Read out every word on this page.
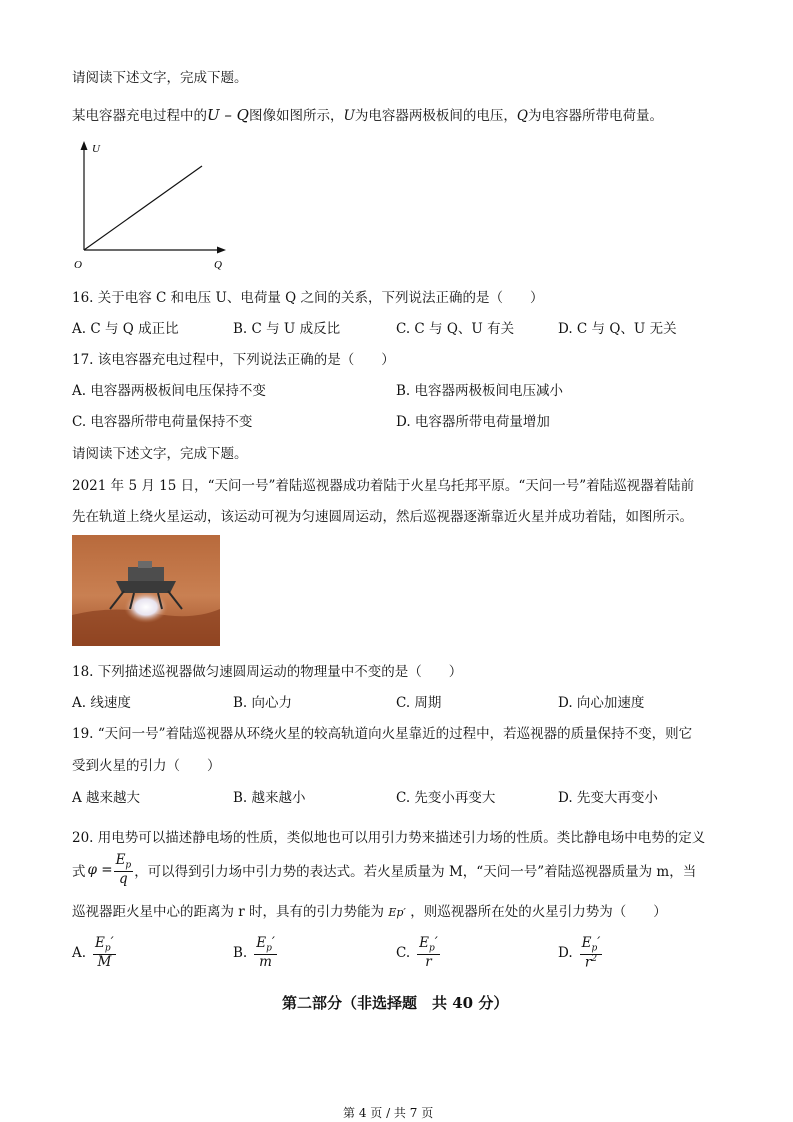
请阅读下述文字，完成下题。
某电容器充电过程中的U – Q图像如图所示，U为电容器两极板间的电压，Q为电容器所带电荷量。
U
Q
O
16. 关于电容 C 和电压 U、电荷量 Q 之间的关系，下列说法正确的是（　　）
A. C 与 Q 成正比	B. C 与 U 成反比	C. C 与 Q、U 有关	D. C 与 Q、U 无关
17. 该电容器充电过程中，下列说法正确的是（　　）
A. 电容器两极板间电压保持不变	B. 电容器两极板间电压减小
C. 电容器所带电荷量保持不变	D. 电容器所带电荷量增加
请阅读下述文字，完成下题。
2021 年 5 月 15 日，“天问一号”着陆巡视器成功着陆于火星乌托邦平原。“天问一号”着陆巡视器着陆前
先在轨道上绕火星运动，该运动可视为匀速圆周运动，然后巡视器逐渐靠近火星并成功着陆，如图所示。
18. 下列描述巡视器做匀速圆周运动的物理量中不变的是（　　）
A. 线速度	B. 向心力	C. 周期	D. 向心加速度
19. “天问一号”着陆巡视器从环绕火星的较高轨道向火星靠近的过程中，若巡视器的质量保持不变，则它
受到火星的引力（　　）
A 越来越大	B. 越来越小	C. 先变小再变大	D. 先变大再变小
20. 用电势可以描述静电场的性质，类似地也可以用引力势来描述引力场的性质。类比静电场中电势的定义
式 $\varphi = \frac{E_p}{q}$ ，可以得到引力场中引力势的表达式。若火星质量为 M，“天问一号”着陆巡视器质量为 m，当
巡视器距火星中心的距离为 r 时，具有的引力势能为 Ep′ ，则巡视器所在处的火星引力势为（　　）
A. $\frac{E_p'}{M}$	B. $\frac{E_p'}{m}$	C. $\frac{E_p'}{r}$	D. $\frac{E_p'}{r^2}$
第二部分（非选择题　共 40 分）
第 4 页 / 共 7 页
